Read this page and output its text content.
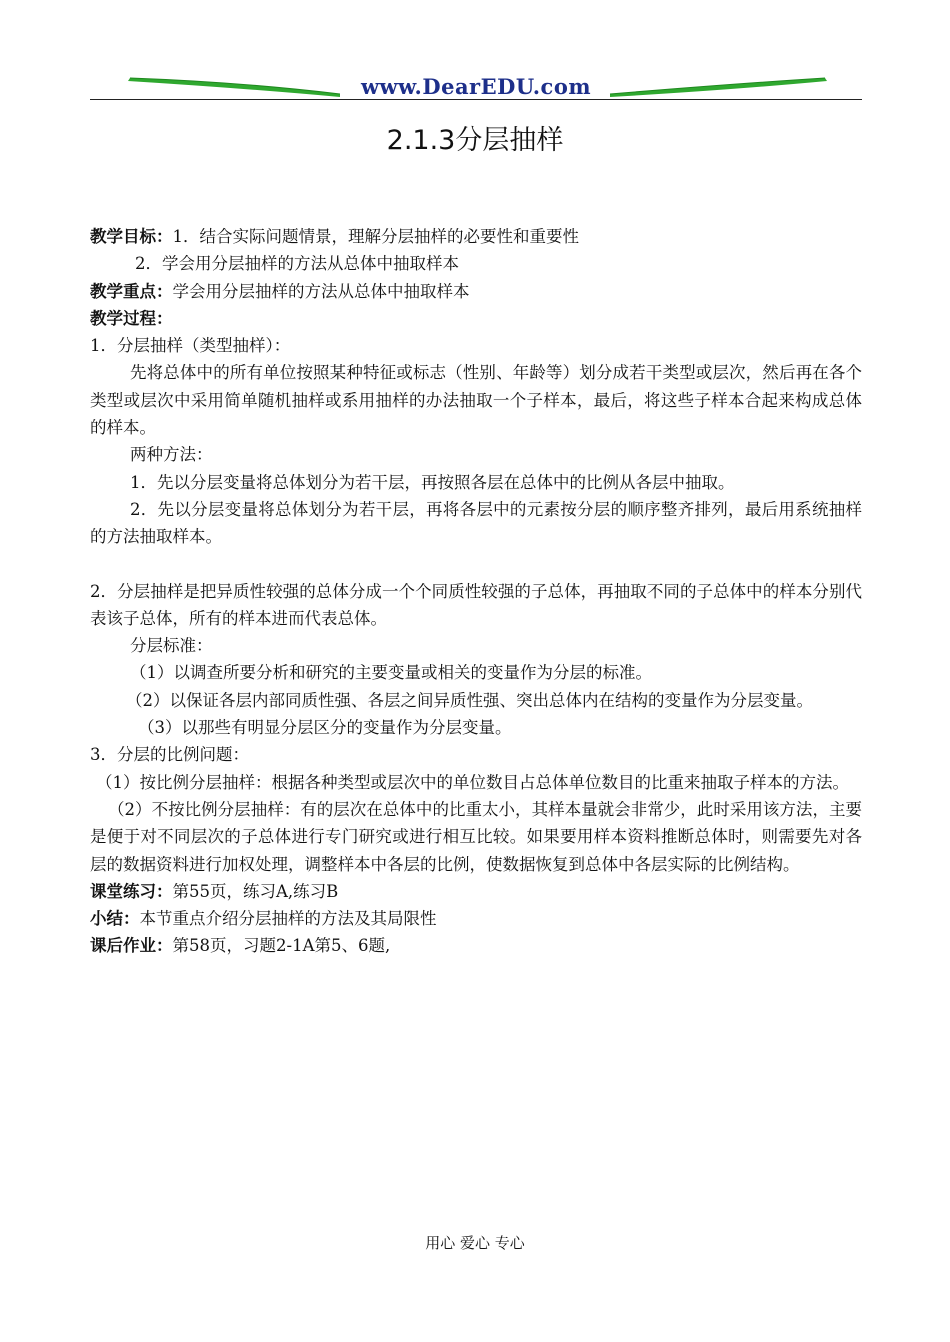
www.DearEDU.com
2.1.3分层抽样

教学目标：1．结合实际问题情景，理解分层抽样的必要性和重要性

2．学会用分层抽样的方法从总体中抽取样本

教学重点：学会用分层抽样的方法从总体中抽取样本

教学过程：

1．分层抽样（类型抽样）：

先将总体中的所有单位按照某种特征或标志（性别、年龄等）划分成若干类型或层次，然后再在各个类型或层次中采用简单随机抽样或系用抽样的办法抽取一个子样本，最后，将这些子样本合起来构成总体的样本。

两种方法：

1．先以分层变量将总体划分为若干层，再按照各层在总体中的比例从各层中抽取。

2．先以分层变量将总体划分为若干层，再将各层中的元素按分层的顺序整齐排列，最后用系统抽样的方法抽取样本。

2．分层抽样是把异质性较强的总体分成一个个同质性较强的子总体，再抽取不同的子总体中的样本分别代表该子总体，所有的样本进而代表总体。

分层标准：

（1）以调查所要分析和研究的主要变量或相关的变量作为分层的标准。

（2）以保证各层内部同质性强、各层之间异质性强、突出总体内在结构的变量作为分层变量。

（3）以那些有明显分层区分的变量作为分层变量。

3．分层的比例问题：

（1）按比例分层抽样：根据各种类型或层次中的单位数目占总体单位数目的比重来抽取子样本的方法。

（2）不按比例分层抽样：有的层次在总体中的比重太小，其样本量就会非常少，此时采用该方法，主要是便于对不同层次的子总体进行专门研究或进行相互比较。如果要用样本资料推断总体时，则需要先对各层的数据资料进行加权处理，调整样本中各层的比例，使数据恢复到总体中各层实际的比例结构。

课堂练习：第55页，练习A,练习B

小结：本节重点介绍分层抽样的方法及其局限性

课后作业：第58页，习题2-1A第5、6题,

用心 爱心 专心
